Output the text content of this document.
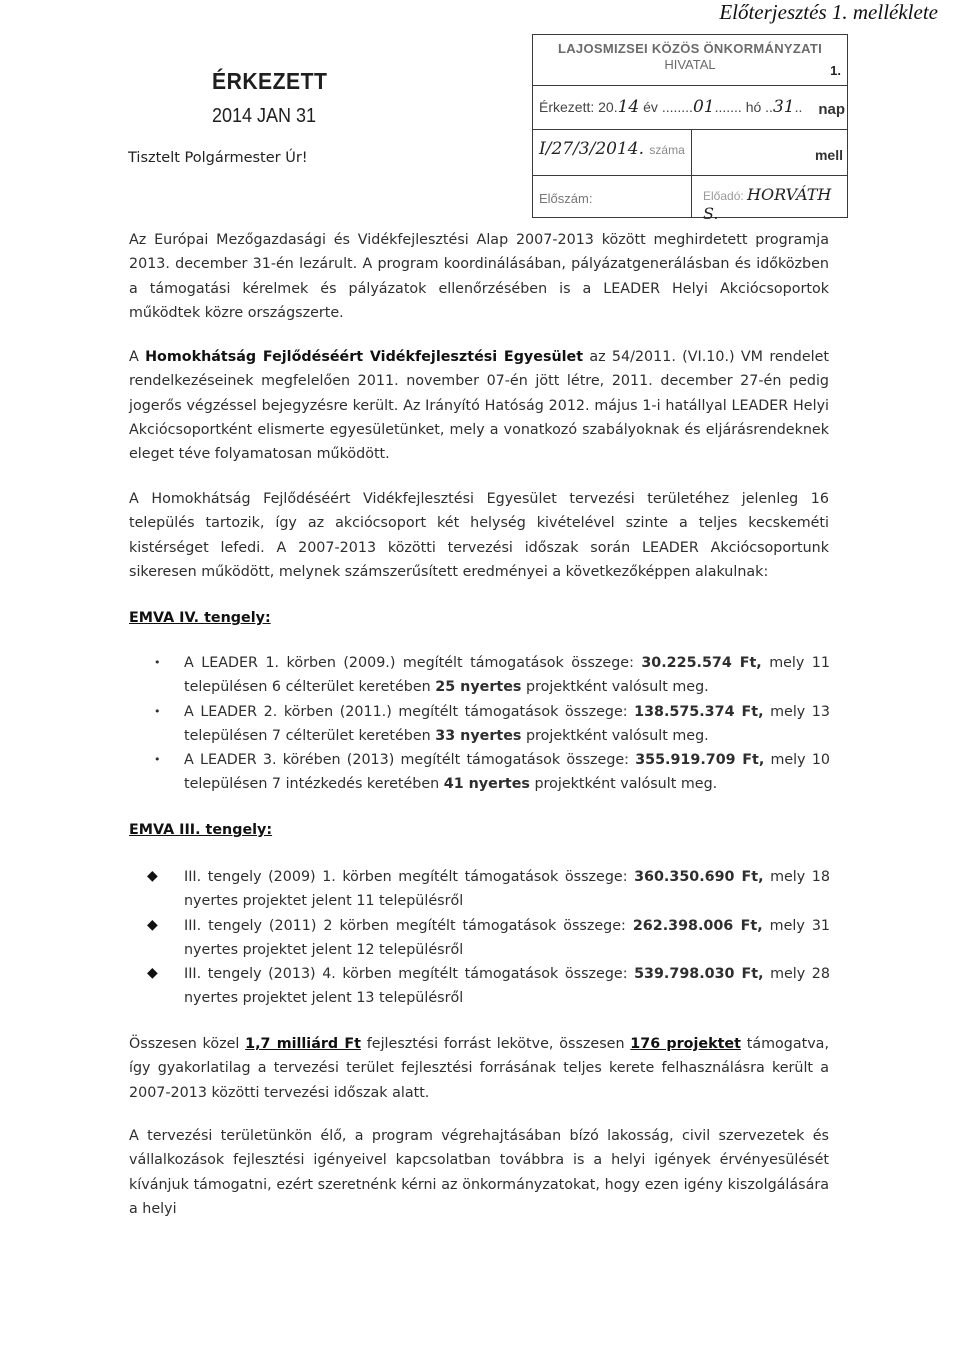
Előterjesztés 1. melléklete
ÉRKEZETT
2014 JAN 31
Tisztelt Polgármester Úr!
LAJOSMIZSEI KÖZÖS ÖNKORMÁNYZATI
HIVATAL	1.
Érkezett: 20.14 év ........01....... hó ..31.. nap
I/27/3/2014. száma	mell
Előszám:	Előadó: HORVÁTH S.

Az Európai Mezőgazdasági és Vidékfejlesztési Alap 2007-2013 között meghirdetett programja 2013. december 31-én lezárult. A program koordinálásában, pályázatgenerálásban és időközben a támogatási kérelmek és pályázatok ellenőrzésében is a LEADER Helyi Akciócsoportok működtek közre országszerte.

A Homokhátság Fejlődéséért Vidékfejlesztési Egyesület az 54/2011. (VI.10.) VM rendelet rendelkezéseinek megfelelően 2011. november 07-én jött létre, 2011. december 27-én pedig jogerős végzéssel bejegyzésre került. Az Irányító Hatóság 2012. május 1-i hatállyal LEADER Helyi Akciócsoportként elismerte egyesületünket, mely a vonatkozó szabályoknak és eljárásrendeknek eleget téve folyamatosan működött.

A Homokhátság Fejlődéséért Vidékfejlesztési Egyesület tervezési területéhez jelenleg 16 település tartozik, így az akciócsoport két helység kivételével szinte a teljes kecskeméti kistérséget lefedi. A 2007-2013 közötti tervezési időszak során LEADER Akciócsoportunk sikeresen működött, melynek számszerűsített eredményei a következőképpen alakulnak:

EMVA IV. tengely:
• A LEADER 1. körben (2009.) megítélt támogatások összege: 30.225.574 Ft, mely 11 településen 6 célterület keretében 25 nyertes projektként valósult meg.
• A LEADER 2. körben (2011.) megítélt támogatások összege: 138.575.374 Ft, mely 13 településen 7 célterület keretében 33 nyertes projektként valósult meg.
• A LEADER 3. körében (2013) megítélt támogatások összege: 355.919.709 Ft, mely 10 településen 7 intézkedés keretében 41 nyertes projektként valósult meg.
EMVA III. tengely:
◆ III. tengely (2009) 1. körben megítélt támogatások összege: 360.350.690 Ft, mely 18 nyertes projektet jelent 11 településről
◆ III. tengely (2011) 2 körben megítélt támogatások összege: 262.398.006 Ft, mely 31 nyertes projektet jelent 12 településről
◆ III. tengely (2013) 4. körben megítélt támogatások összege: 539.798.030 Ft, mely 28 nyertes projektet jelent 13 településről

Összesen közel 1,7 milliárd Ft fejlesztési forrást lekötve, összesen 176 projektet támogatva, így gyakorlatilag a tervezési terület fejlesztési forrásának teljes kerete felhasználásra került a 2007-2013 közötti tervezési időszak alatt.

A tervezési területünkön élő, a program végrehajtásában bízó lakosság, civil szervezetek és vállalkozások fejlesztési igényeivel kapcsolatban továbbra is a helyi igények érvényesülését kívánjuk támogatni, ezért szeretnénk kérni az önkormányzatokat, hogy ezen igény kiszolgálására a helyi
